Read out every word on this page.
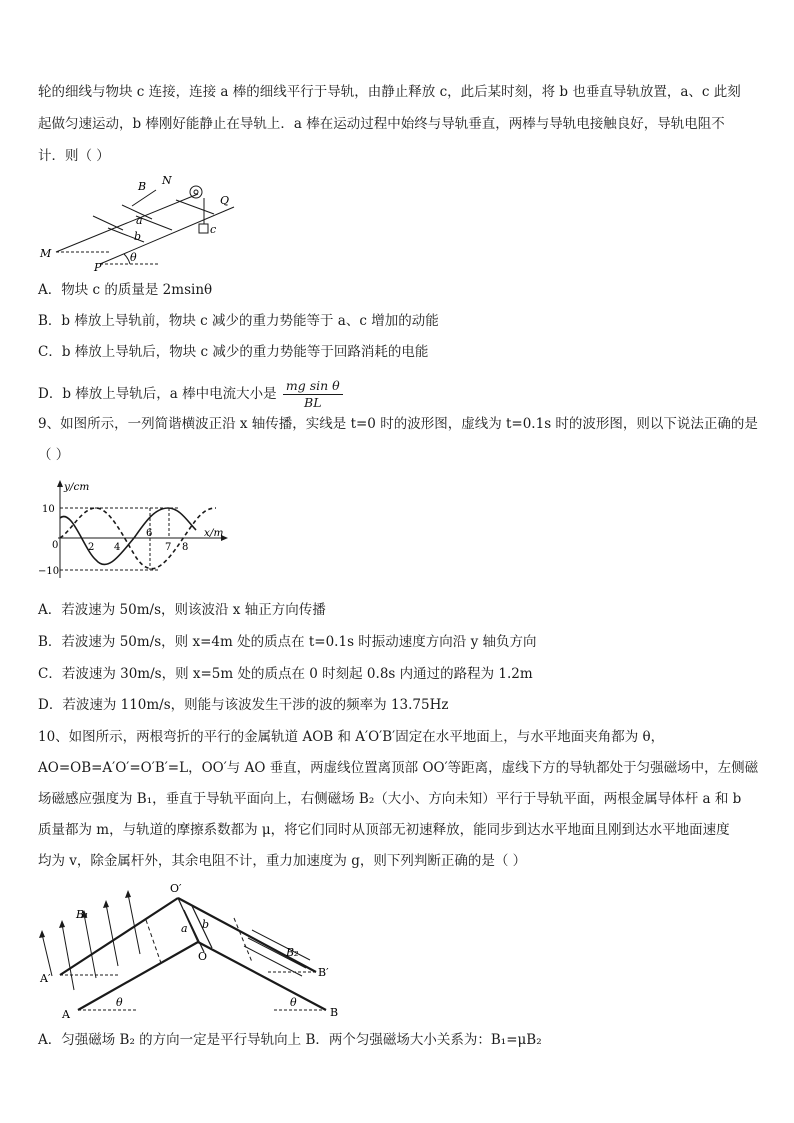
轮的细线与物块 c 连接，连接 a 棒的细线平行于导轨，由静止释放 c，此后某时刻，将 b 也垂直导轨放置，a、c 此刻
起做匀速运动，b 棒刚好能静止在导轨上．a 棒在运动过程中始终与导轨垂直，两棒与导轨电接触良好，导轨电阻不
计．则（ ）
B N
Q
c
a
b
M
P
θ
A．物块 c 的质量是 2msinθ
B．b 棒放上导轨前，物块 c 减少的重力势能等于 a、c 增加的动能
C．b 棒放上导轨后，物块 c 减少的重力势能等于回路消耗的电能
D．b 棒放上导轨后，a 棒中电流大小是 $\frac{\text{mg sin θ}}{BL}$
9、如图所示，一列简谐横波正沿 x 轴传播，实线是 t=0 时的波形图，虚线为 t=0.1s 时的波形图，则以下说法正确的是
（ ）
y/cm
x/m
10
−10
0	2 4
6
7 8
A．若波速为 50m/s，则该波沿 x 轴正方向传播
B．若波速为 50m/s，则 x=4m 处的质点在 t=0.1s 时振动速度方向沿 y 轴负方向
C．若波速为 30m/s，则 x=5m 处的质点在 0 时刻起 0.8s 内通过的路程为 1.2m
D．若波速为 110m/s，则能与该波发生干涉的波的频率为 13.75Hz
10、如图所示，两根弯折的平行的金属轨道 AOB 和 A′O′B′固定在水平地面上，与水平地面夹角都为 θ，
AO=OB=A′O′=O′B′=L，OO′与 AO 垂直，两虚线位置离顶部 OO′等距离，虚线下方的导轨都处于匀强磁场中，左侧磁
场磁感应强度为 B₁，垂直于导轨平面向上，右侧磁场 B₂（大小、方向未知）平行于导轨平面，两根金属导体杆 a 和 b
质量都为 m，与轨道的摩擦系数都为 μ，将它们同时从顶部无初速释放，能同步到达水平地面且刚到达水平地面速度
均为 v，除金属杆外，其余电阻不计，重力加速度为 g，则下列判断正确的是（ ）
O′
O
a b
B₁
B₂
A′
A
B′
B
θ	θ
A．匀强磁场 B₂ 的方向一定是平行导轨向上 B．两个匀强磁场大小关系为：B₁=μB₂
